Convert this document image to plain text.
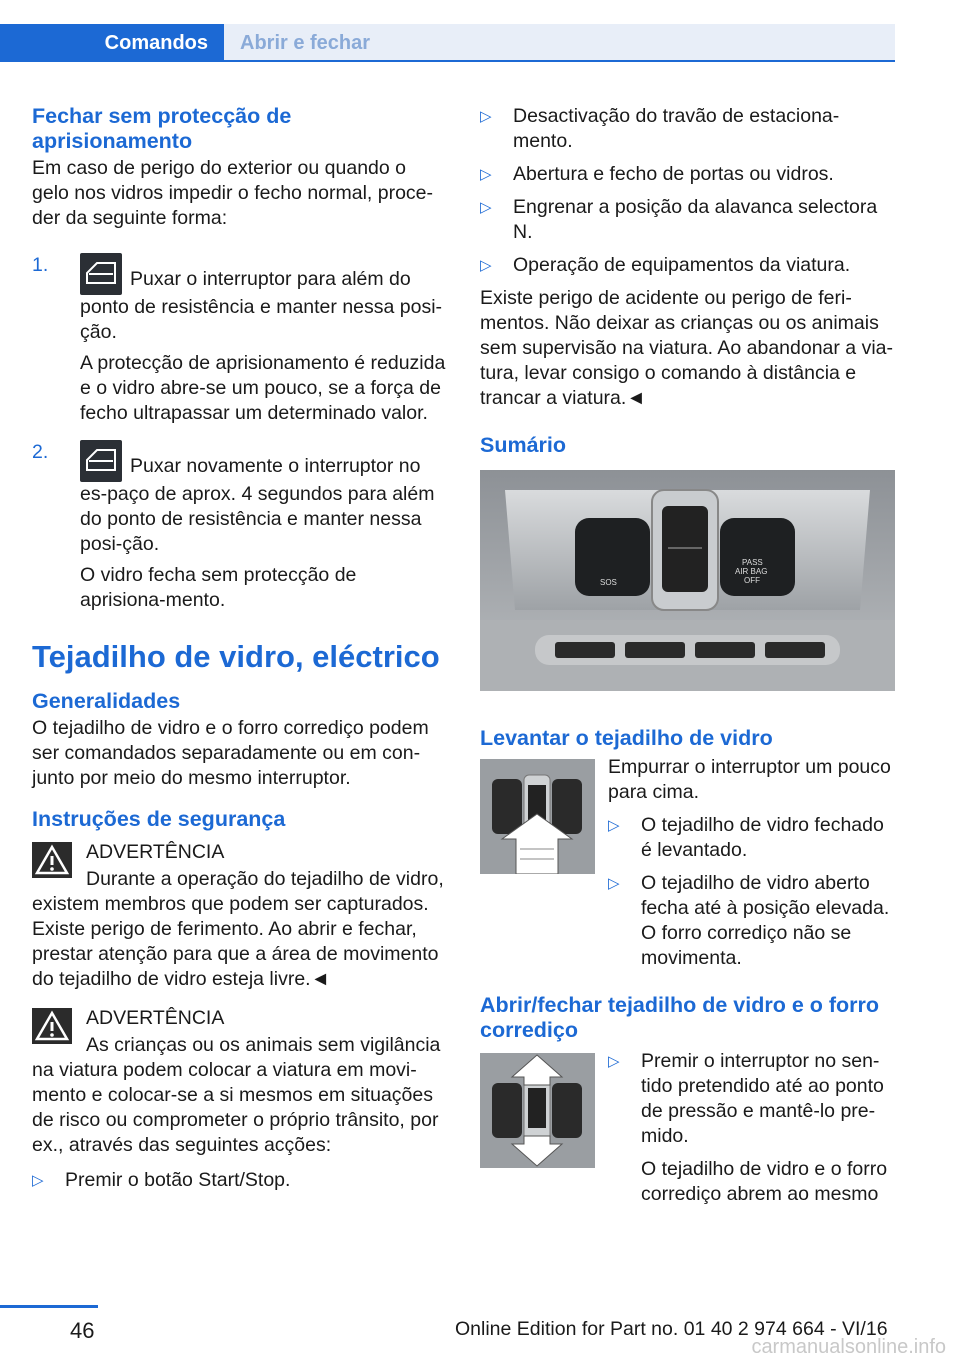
Comandos	Abrir e fechar
Fechar sem protecção de aprisionamento

Em caso de perigo do exterior ou quando o gelo nos vidros impedir o fecho normal, proce‐der da seguinte forma:

1.
Puxar o interruptor para além do ponto de resistência e manter nessa posi‐ção.

A protecção de aprisionamento é reduzida e o vidro abre-se um pouco, se a força de fecho ultrapassar um determinado valor.

2.
Puxar novamente o interruptor no es‐paço de aprox. 4 segundos para além do ponto de resistência e manter nessa posi‐ção.

O vidro fecha sem protecção de aprisiona‐mento.

Tejadilho de vidro, eléctrico
Generalidades

O tejadilho de vidro e o forro corrediço podem ser comandados separadamente ou em con‐junto por meio do mesmo interruptor.

Instruções de segurança
ADVERTÊNCIA

Durante a operação do tejadilho de vidro, existem membros que podem ser capturados. Existe perigo de ferimento. Ao abrir e fechar, prestar atenção para que a área de movimento do tejadilho de vidro esteja livre.◄

ADVERTÊNCIA

As crianças ou os animais sem vigilância na viatura podem colocar a viatura em movi‐mento e colocar-se a si mesmos em situações de risco ou comprometer o próprio trânsito, por ex., através das seguintes acções:

▷ Premir o botão Start/Stop.
▷ Desactivação do travão de estaciona‐mento.
▷ Abertura e fecho de portas ou vidros.
▷ Engrenar a posição da alavanca selectora N.
▷ Operação de equipamentos da viatura.

Existe perigo de acidente ou perigo de feri‐mentos. Não deixar as crianças ou os animais sem supervisão na viatura. Ao abandonar a via‐tura, levar consigo o comando à distância e trancar a viatura.◄

Sumário
SOS
PASS
AIR BAG
OFF
Levantar o tejadilho de vidro

Empurrar o interruptor um pouco para cima.

▷ O tejadilho de vidro fechado é levantado.
▷ O tejadilho de vidro aberto fecha até à posição elevada. O forro corrediço não se movimenta.
Abrir/fechar tejadilho de vidro e o forro corrediço
▷ Premir o interruptor no sen‐tido pretendido até ao ponto de pressão e mantê-lo pre‐mido.

O tejadilho de vidro e o forro corrediço abrem ao mesmo

46	Online Edition for Part no. 01 40 2 974 664 - VI/16
carmanualsonline.info
